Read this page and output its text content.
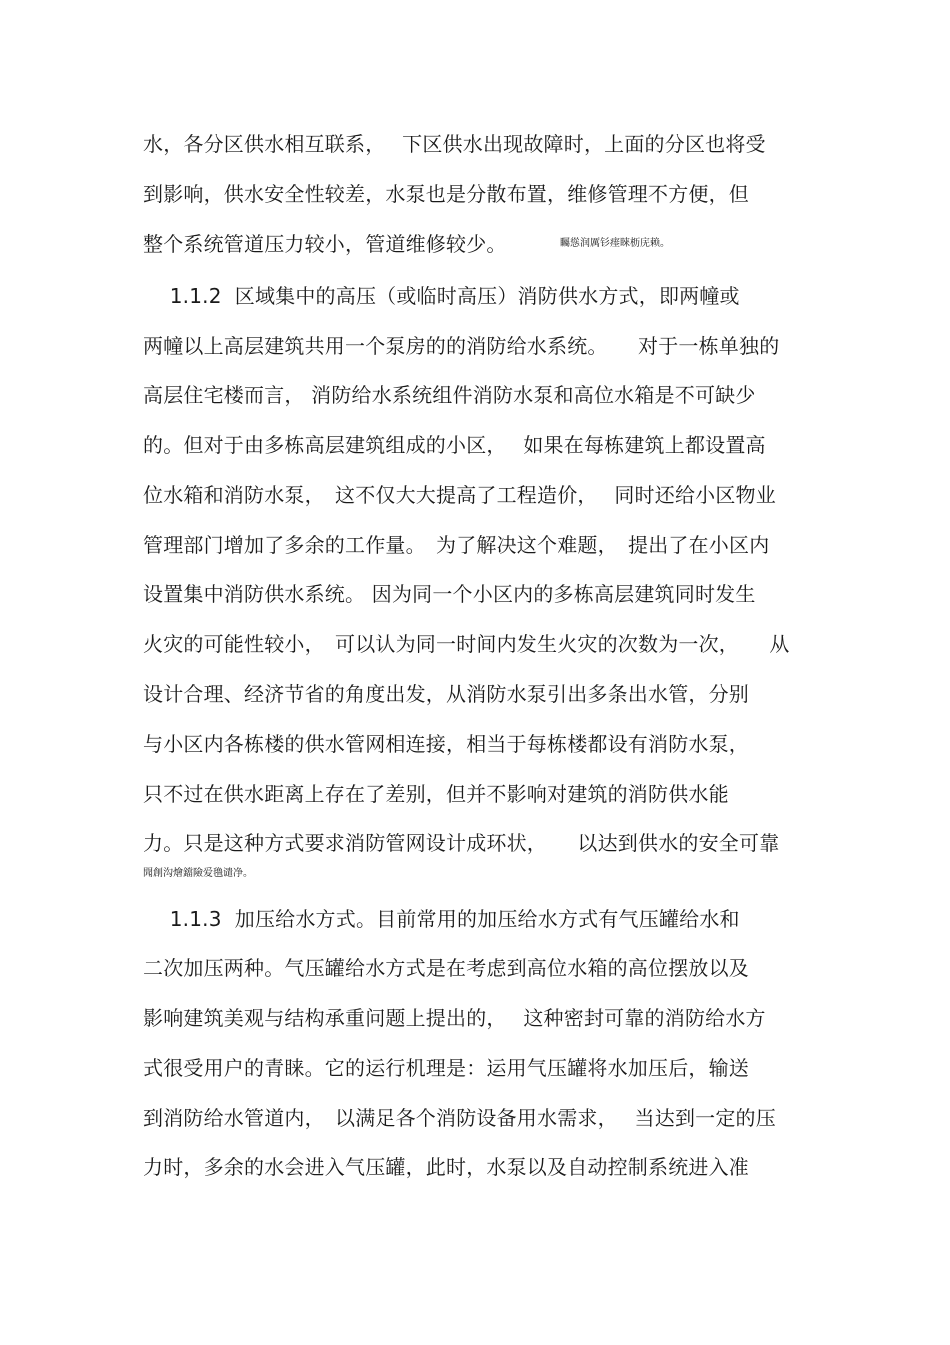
水，各分区供水相互联系，　 下区供水出现故障时，上面的分区也将受
到影响，供水安全性较差，水泵也是分散布置，维修管理不方便，但
整个系统管道压力较小，管道维修较少。	矚慫润厲钐瘗睞枥庑赖。
　 1.1.2  区域集中的高压（或临时高压）消防供水方式，即两幢或
两幢以上高层建筑共用一个泵房的的消防给水系统。　　对于一栋单独的
高层住宅楼而言， 消防给水系统组件消防水泵和高位水箱是不可缺少
的。但对于由多栋高层建筑组成的小区，　 如果在每栋建筑上都设置高
位水箱和消防水泵，　这不仅大大提高了工程造价，　 同时还给小区物业
管理部门增加了多余的工作量。　为了解决这个难题，　提出了在小区内
设置集中消防供水系统。 因为同一个小区内的多栋高层建筑同时发生
火灾的可能性较小，　可以认为同一时间内发生火灾的次数为一次，　　从
设计合理、经济节省的角度出发，从消防水泵引出多条出水管，分别
与小区内各栋楼的供水管网相连接，相当于每栋楼都设有消防水泵，
只不过在供水距离上存在了差别，但并不影响对建筑的消防供水能
力。只是这种方式要求消防管网设计成环状，　　以达到供水的安全可靠
聞創沟燴鐺險爱氇谴净。
　 1.1.3  加压给水方式。目前常用的加压给水方式有气压罐给水和
二次加压两种。气压罐给水方式是在考虑到高位水箱的高位摆放以及
影响建筑美观与结构承重问题上提出的，　 这种密封可靠的消防给水方
式很受用户的青睐。它的运行机理是：运用气压罐将水加压后，输送
到消防给水管道内，　以满足各个消防设备用水需求，　 当达到一定的压
力时，多余的水会进入气压罐，此时，水泵以及自动控制系统进入准
